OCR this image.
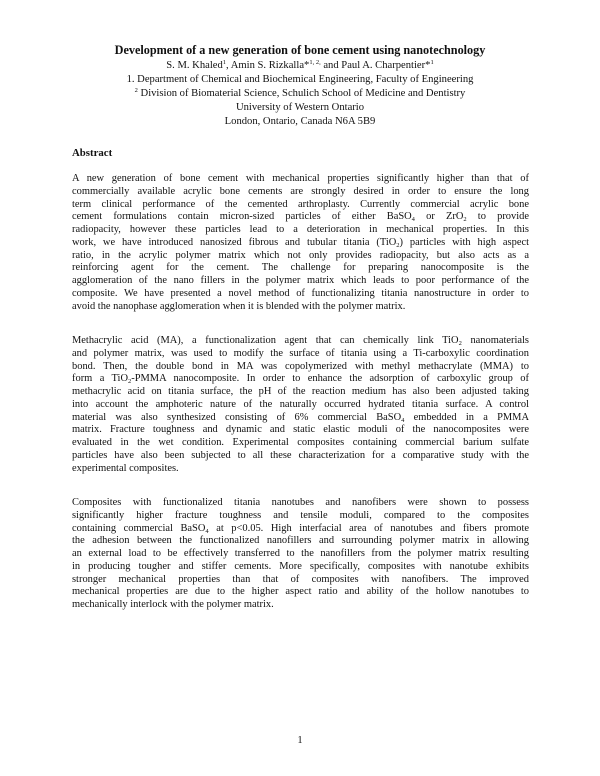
Development of a new generation of bone cement using nanotechnology
S. M. Khaled$^1$, Amin S. Rizkalla*$^{1, 2,}$ and Paul A. Charpentier*$^1$
1. Department of Chemical and Biochemical Engineering, Faculty of Engineering
$^2$ Division of Biomaterial Science, Schulich School of Medicine and Dentistry
University of Western Ontario
London, Ontario, Canada N6A 5B9
Abstract
A new generation of bone cement with mechanical properties significantly higher than that of
commercially available acrylic bone cements are strongly desired in order to ensure the long
term clinical performance of the cemented arthroplasty. Currently commercial acrylic bone
cement formulations contain micron-sized particles of either BaSO$_4$ or ZrO$_2$ to provide
radiopacity, however these particles lead to a deterioration in mechanical properties. In this
work, we have introduced nanosized fibrous and tubular titania (TiO$_2$) particles with high aspect
ratio, in the acrylic polymer matrix which not only provides radiopacity, but also acts as a
reinforcing agent for the cement. The challenge for preparing nanocomposite is the
agglomeration of the nano fillers in the polymer matrix which leads to poor performance of the
composite. We have presented a novel method of functionalizing titania nanostructure in order to
avoid the nanophase agglomeration when it is blended with the polymer matrix.
Methacrylic acid (MA), a functionalization agent that can chemically link TiO$_2$ nanomaterials
and polymer matrix, was used to modify the surface of titania using a Ti-carboxylic coordination
bond. Then, the double bond in MA was copolymerized with methyl methacrylate (MMA) to
form a TiO$_2$-PMMA nanocomposite. In order to enhance the adsorption of carboxylic group of
methacrylic acid on titania surface, the pH of the reaction medium has also been adjusted taking
into account the amphoteric nature of the naturally occurred hydrated titania surface. A control
material was also synthesized consisting of 6% commercial BaSO$_4$ embedded in a PMMA
matrix. Fracture toughness and dynamic and static elastic moduli of the nanocomposites were
evaluated in the wet condition. Experimental composites containing commercial barium sulfate
particles have also been subjected to all these characterization for a comparative study with the
experimental composites.
Composites with functionalized titania nanotubes and nanofibers were shown to possess
significantly higher fracture toughness and tensile moduli, compared to the composites
containing commercial BaSO$_4$ at p<0.05. High interfacial area of nanotubes and fibers promote
the adhesion between the functionalized nanofillers and surrounding polymer matrix in allowing
an external load to be effectively transferred to the nanofillers from the polymer matrix resulting
in producing tougher and stiffer cements. More specifically, composites with nanotube exhibits
stronger mechanical properties than that of composites with nanofibers. The improved
mechanical properties are due to the higher aspect ratio and ability of the hollow nanotubes to
mechanically interlock with the polymer matrix.
1
